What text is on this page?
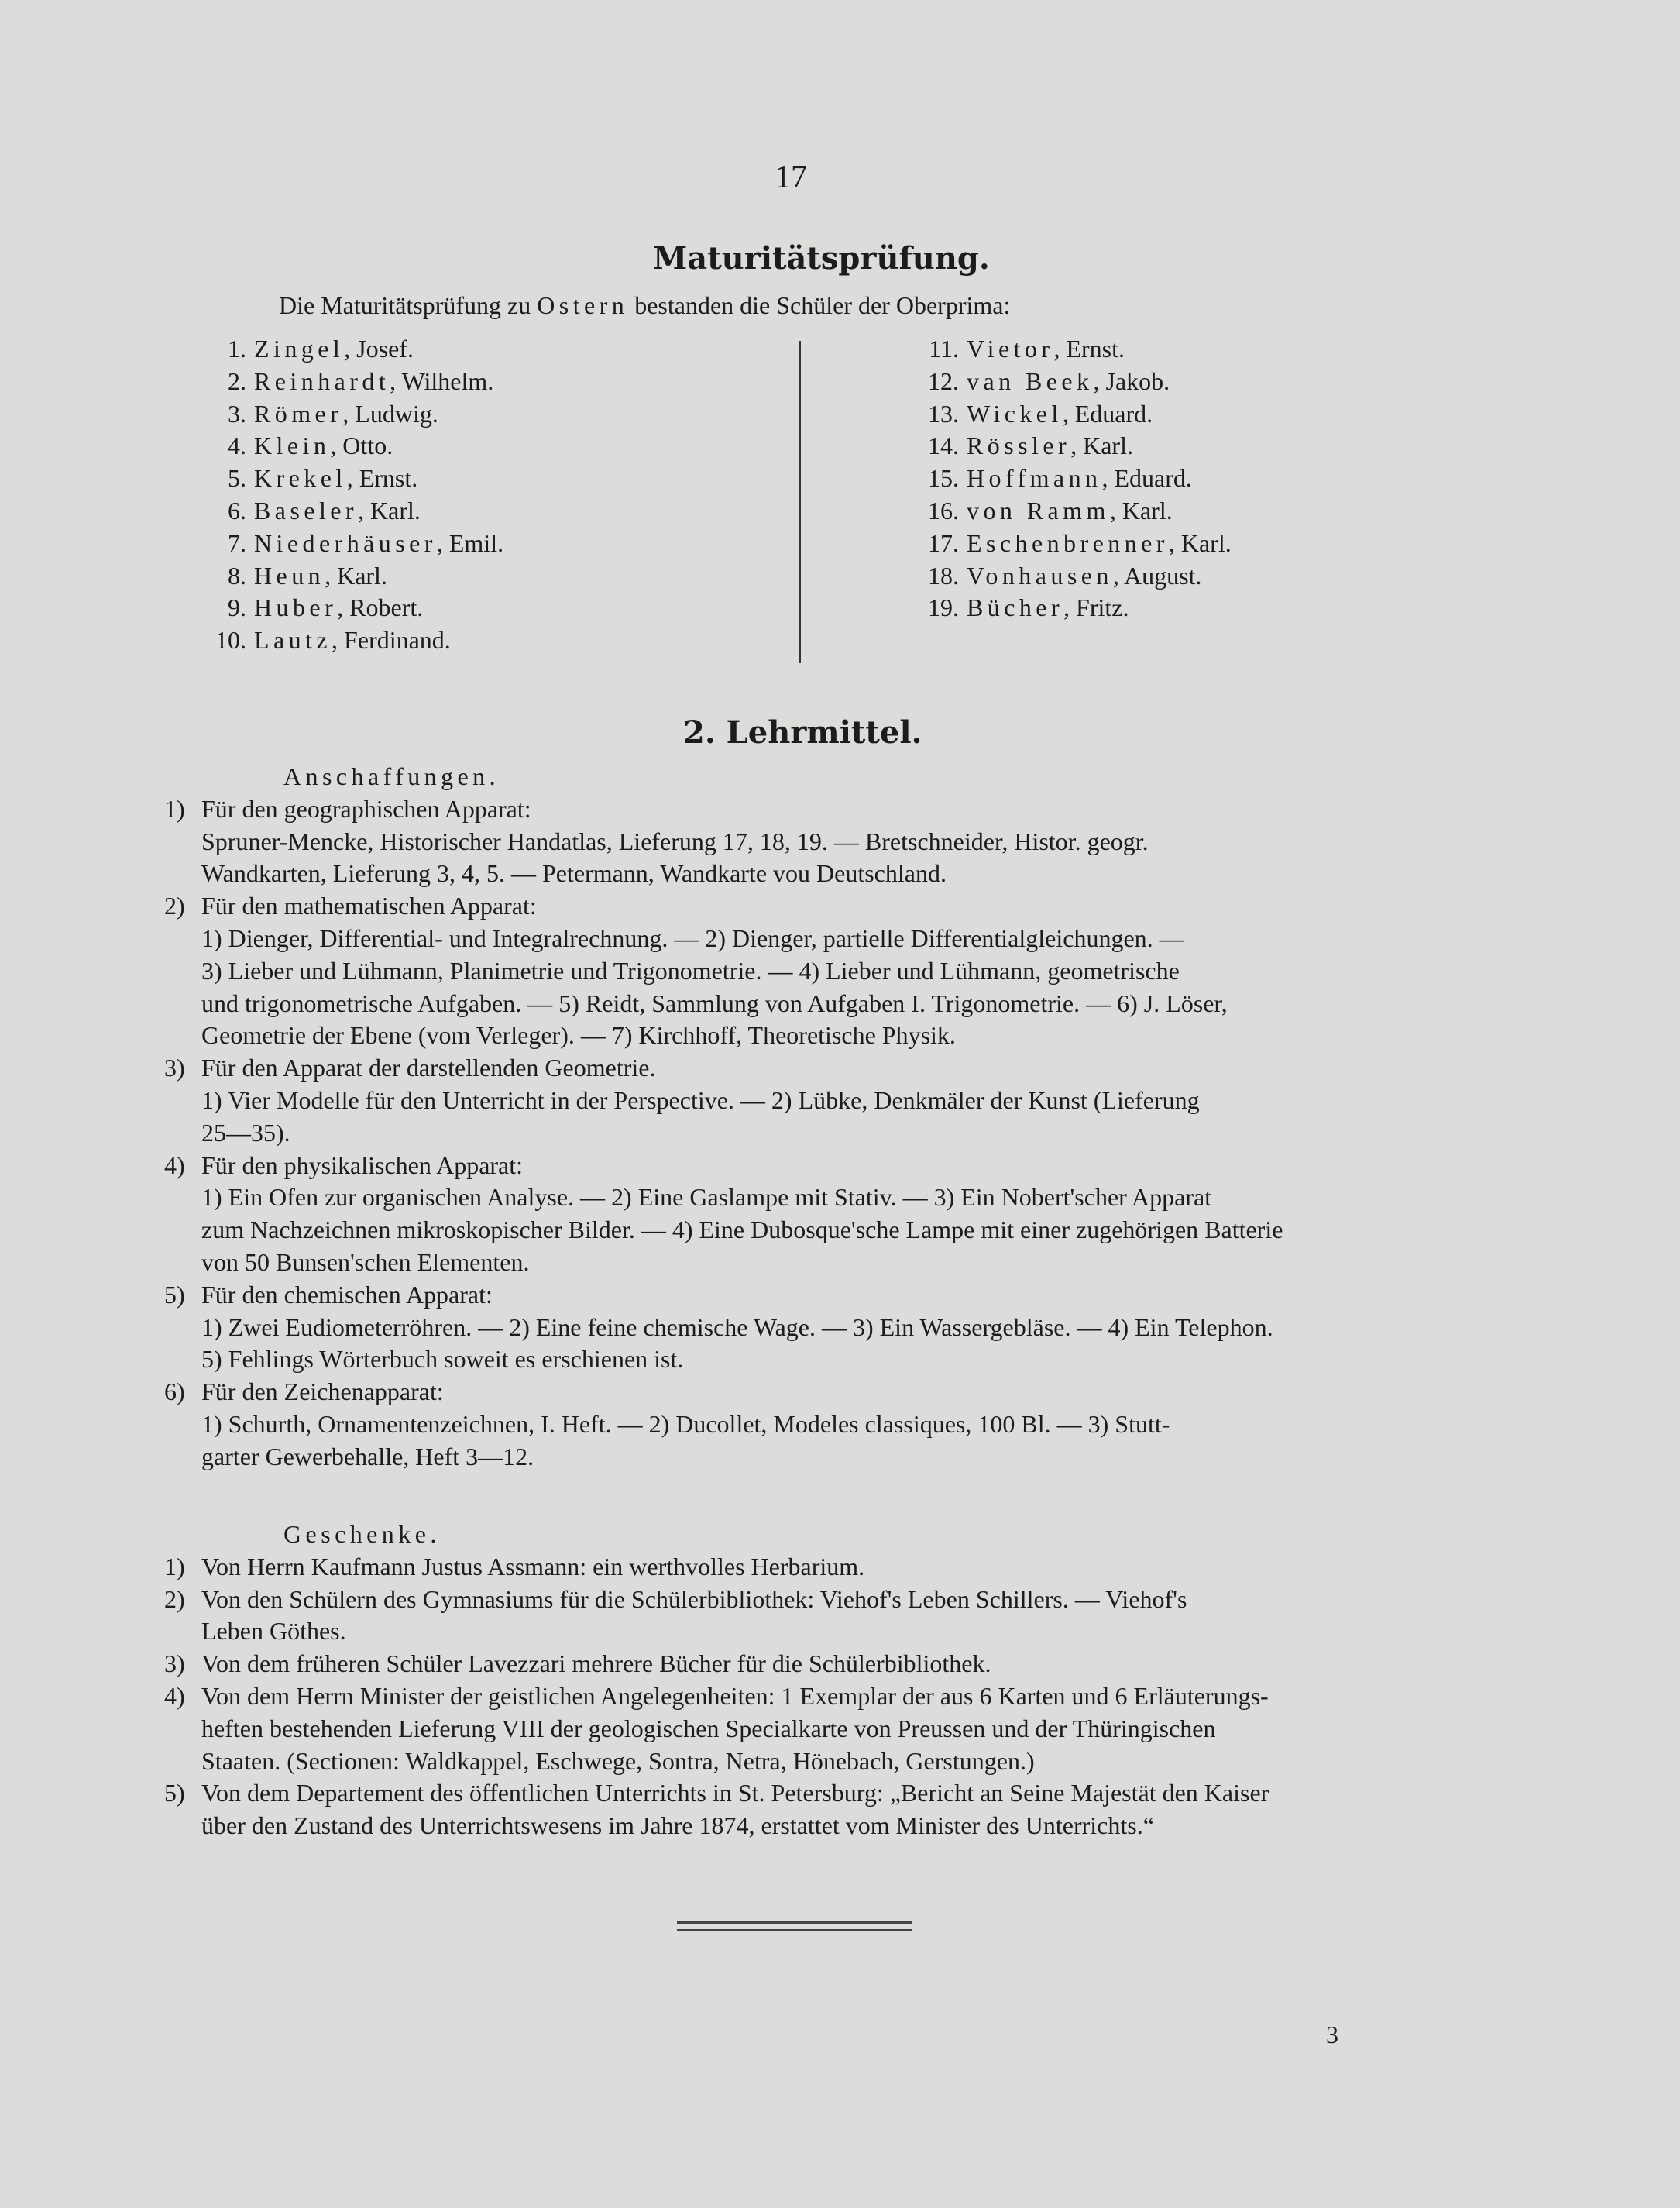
17
Maturitätsprüfung.
Die Maturitätsprüfung zu Ostern bestanden die Schüler der Oberprima:
1. Zingel, Josef.
2. Reinhardt, Wilhelm.
3. Römer, Ludwig.
4. Klein, Otto.
5. Krekel, Ernst.
6. Baseler, Karl.
7. Niederhäuser, Emil.
8. Heun, Karl.
9. Huber, Robert.
10. Lautz, Ferdinand.
11. Vietor, Ernst.
12. van Beek, Jakob.
13. Wickel, Eduard.
14. Rössler, Karl.
15. Hoffmann, Eduard.
16. von Ramm, Karl.
17. Eschenbrenner, Karl.
18. Vonhausen, August.
19. Bücher, Fritz.
2. Lehrmittel.
Anschaffungen.
1) Für den geographischen Apparat:
Spruner-Mencke, Historischer Handatlas, Lieferung 17, 18, 19. — Bretschneider, Histor. geogr.
Wandkarten, Lieferung 3, 4, 5. — Petermann, Wandkarte vou Deutschland.
2) Für den mathematischen Apparat:
1) Dienger, Differential- und Integralrechnung. — 2) Dienger, partielle Differentialgleichungen. —
3) Lieber und Lühmann, Planimetrie und Trigonometrie. — 4) Lieber und Lühmann, geometrische
und trigonometrische Aufgaben. — 5) Reidt, Sammlung von Aufgaben I. Trigonometrie. — 6) J. Löser,
Geometrie der Ebene (vom Verleger). — 7) Kirchhoff, Theoretische Physik.
3) Für den Apparat der darstellenden Geometrie.
1) Vier Modelle für den Unterricht in der Perspective. — 2) Lübke, Denkmäler der Kunst (Lieferung
25—35).
4) Für den physikalischen Apparat:
1) Ein Ofen zur organischen Analyse. — 2) Eine Gaslampe mit Stativ. — 3) Ein Nobert'scher Apparat
zum Nachzeichnen mikroskopischer Bilder. — 4) Eine Dubosque'sche Lampe mit einer zugehörigen Batterie
von 50 Bunsen'schen Elementen.
5) Für den chemischen Apparat:
1) Zwei Eudiometerröhren. — 2) Eine feine chemische Wage. — 3) Ein Wassergebläse. — 4) Ein Telephon.
5) Fehlings Wörterbuch soweit es erschienen ist.
6) Für den Zeichenapparat:
1) Schurth, Ornamentenzeichnen, I. Heft. — 2) Ducollet, Modeles classiques, 100 Bl. — 3) Stutt-
garter Gewerbehalle, Heft 3—12.
Geschenke.
1) Von Herrn Kaufmann Justus Assmann: ein werthvolles Herbarium.
2) Von den Schülern des Gymnasiums für die Schülerbibliothek: Viehof's Leben Schillers. — Viehof's
Leben Göthes.
3) Von dem früheren Schüler Lavezzari mehrere Bücher für die Schülerbibliothek.
4) Von dem Herrn Minister der geistlichen Angelegenheiten: 1 Exemplar der aus 6 Karten und 6 Erläuterungs-
heften bestehenden Lieferung VIII der geologischen Specialkarte von Preussen und der Thüringischen
Staaten. (Sectionen: Waldkappel, Eschwege, Sontra, Netra, Hönebach, Gerstungen.)
5) Von dem Departement des öffentlichen Unterrichts in St. Petersburg: „Bericht an Seine Majestät den Kaiser
über den Zustand des Unterrichtswesens im Jahre 1874, erstattet vom Minister des Unterrichts.“
3
